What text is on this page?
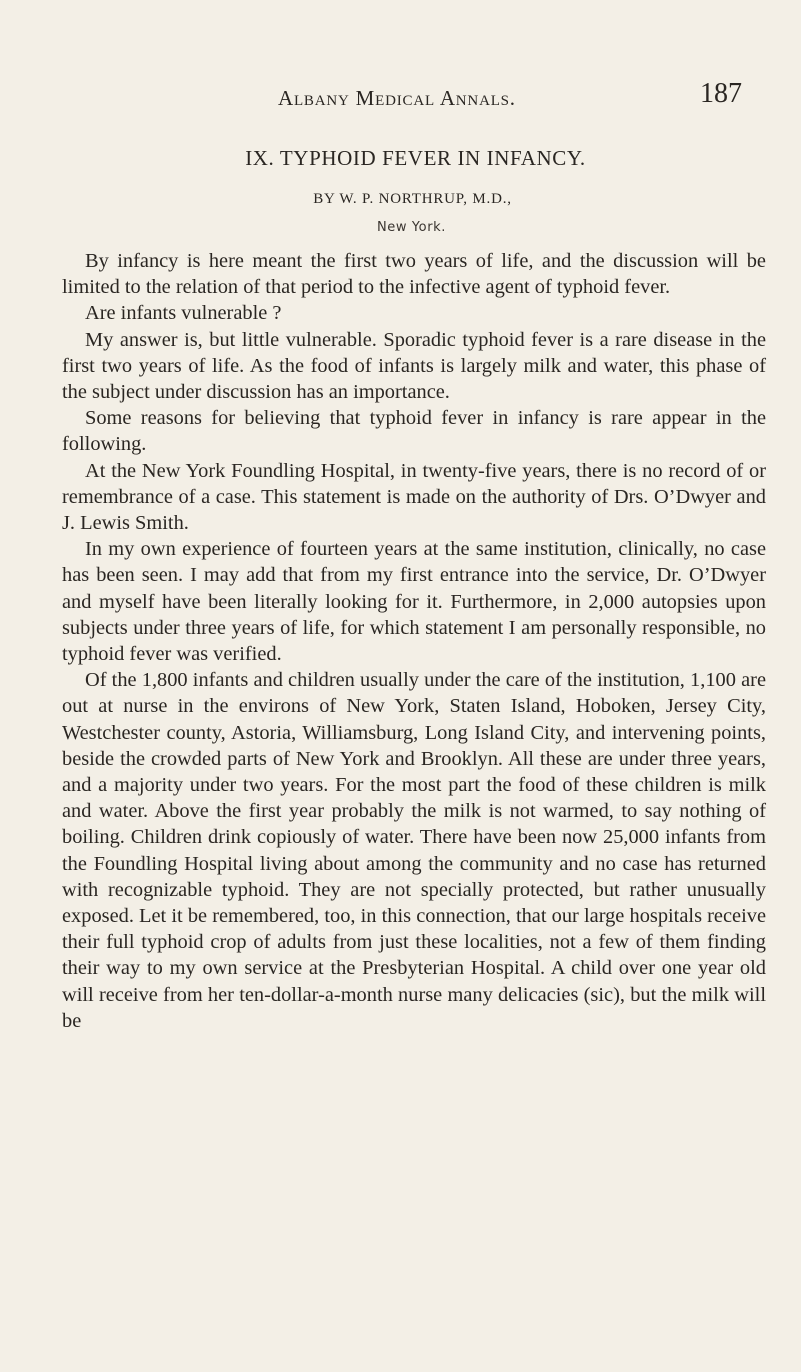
Albany Medical Annals.	187
IX. TYPHOID FEVER IN INFANCY.
BY W. P. NORTHRUP, M.D.,
New York.

By infancy is here meant the first two years of life, and the discussion will be limited to the relation of that period to the infective agent of typhoid fever.

Are infants vulnerable ?

My answer is, but little vulnerable. Sporadic typhoid fever is a rare disease in the first two years of life. As the food of infants is largely milk and water, this phase of the subject under discussion has an importance.

Some reasons for believing that typhoid fever in infancy is rare appear in the following.

At the New York Foundling Hospital, in twenty-five years, there is no record of or remembrance of a case. This statement is made on the authority of Drs. O’Dwyer and J. Lewis Smith.

In my own experience of fourteen years at the same institution, clinically, no case has been seen. I may add that from my first entrance into the service, Dr. O’Dwyer and myself have been literally looking for it. Furthermore, in 2,000 autopsies upon subjects under three years of life, for which statement I am personally responsible, no typhoid fever was verified.

Of the 1,800 infants and children usually under the care of the institution, 1,100 are out at nurse in the environs of New York, Staten Island, Hoboken, Jersey City, Westchester county, Astoria, Williamsburg, Long Island City, and intervening points, beside the crowded parts of New York and Brooklyn. All these are under three years, and a majority under two years. For the most part the food of these children is milk and water. Above the first year probably the milk is not warmed, to say nothing of boiling. Children drink copiously of water. There have been now 25,000 infants from the Foundling Hospital living about among the community and no case has returned with recognizable typhoid. They are not specially protected, but rather unusually exposed. Let it be remembered, too, in this connection, that our large hospitals receive their full typhoid crop of adults from just these localities, not a few of them finding their way to my own service at the Presbyterian Hospital. A child over one year old will receive from her ten-dollar-a-month nurse many delicacies (sic), but the milk will be
